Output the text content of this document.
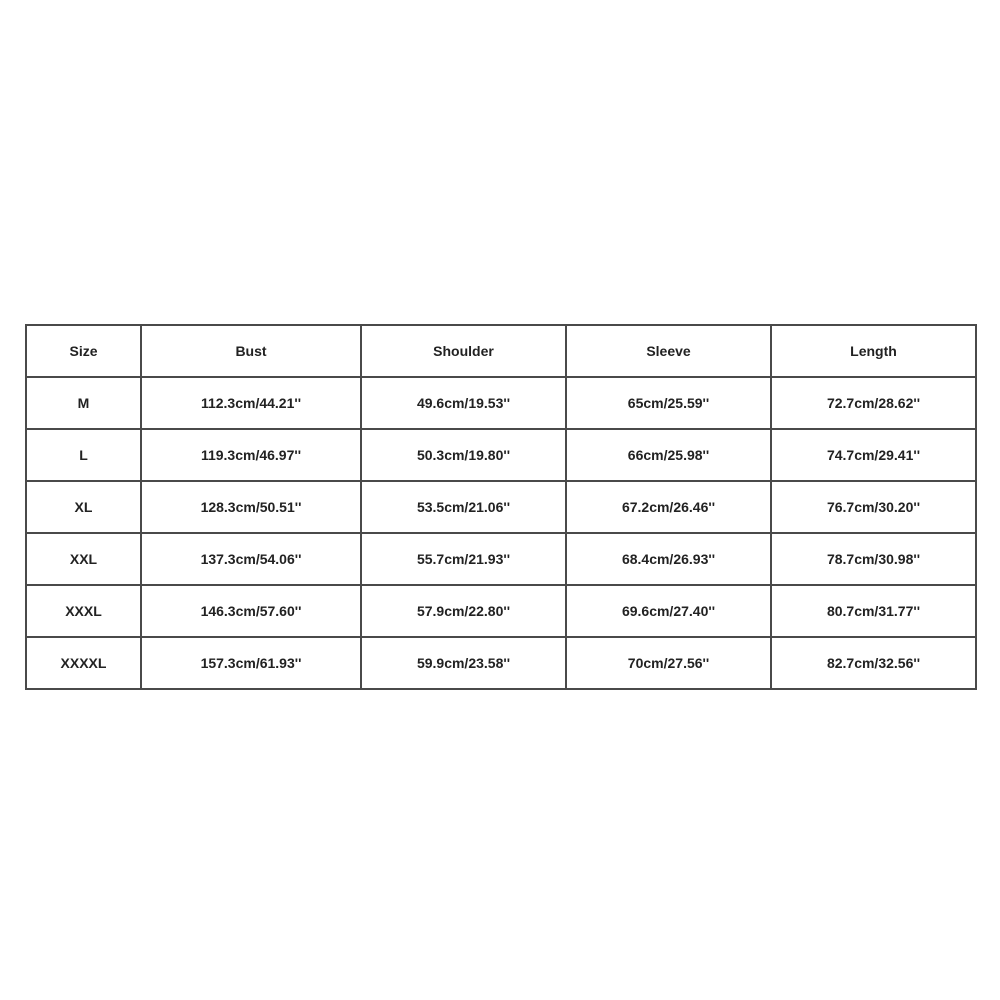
Size	Bust	Shoulder	Sleeve	Length
M	112.3cm/44.21''	49.6cm/19.53''	65cm/25.59''	72.7cm/28.62''
L	119.3cm/46.97''	50.3cm/19.80''	66cm/25.98''	74.7cm/29.41''
XL	128.3cm/50.51''	53.5cm/21.06''	67.2cm/26.46''	76.7cm/30.20''
XXL	137.3cm/54.06''	55.7cm/21.93''	68.4cm/26.93''	78.7cm/30.98''
XXXL	146.3cm/57.60''	57.9cm/22.80''	69.6cm/27.40''	80.7cm/31.77''
XXXXL	157.3cm/61.93''	59.9cm/23.58''	70cm/27.56''	82.7cm/32.56''
